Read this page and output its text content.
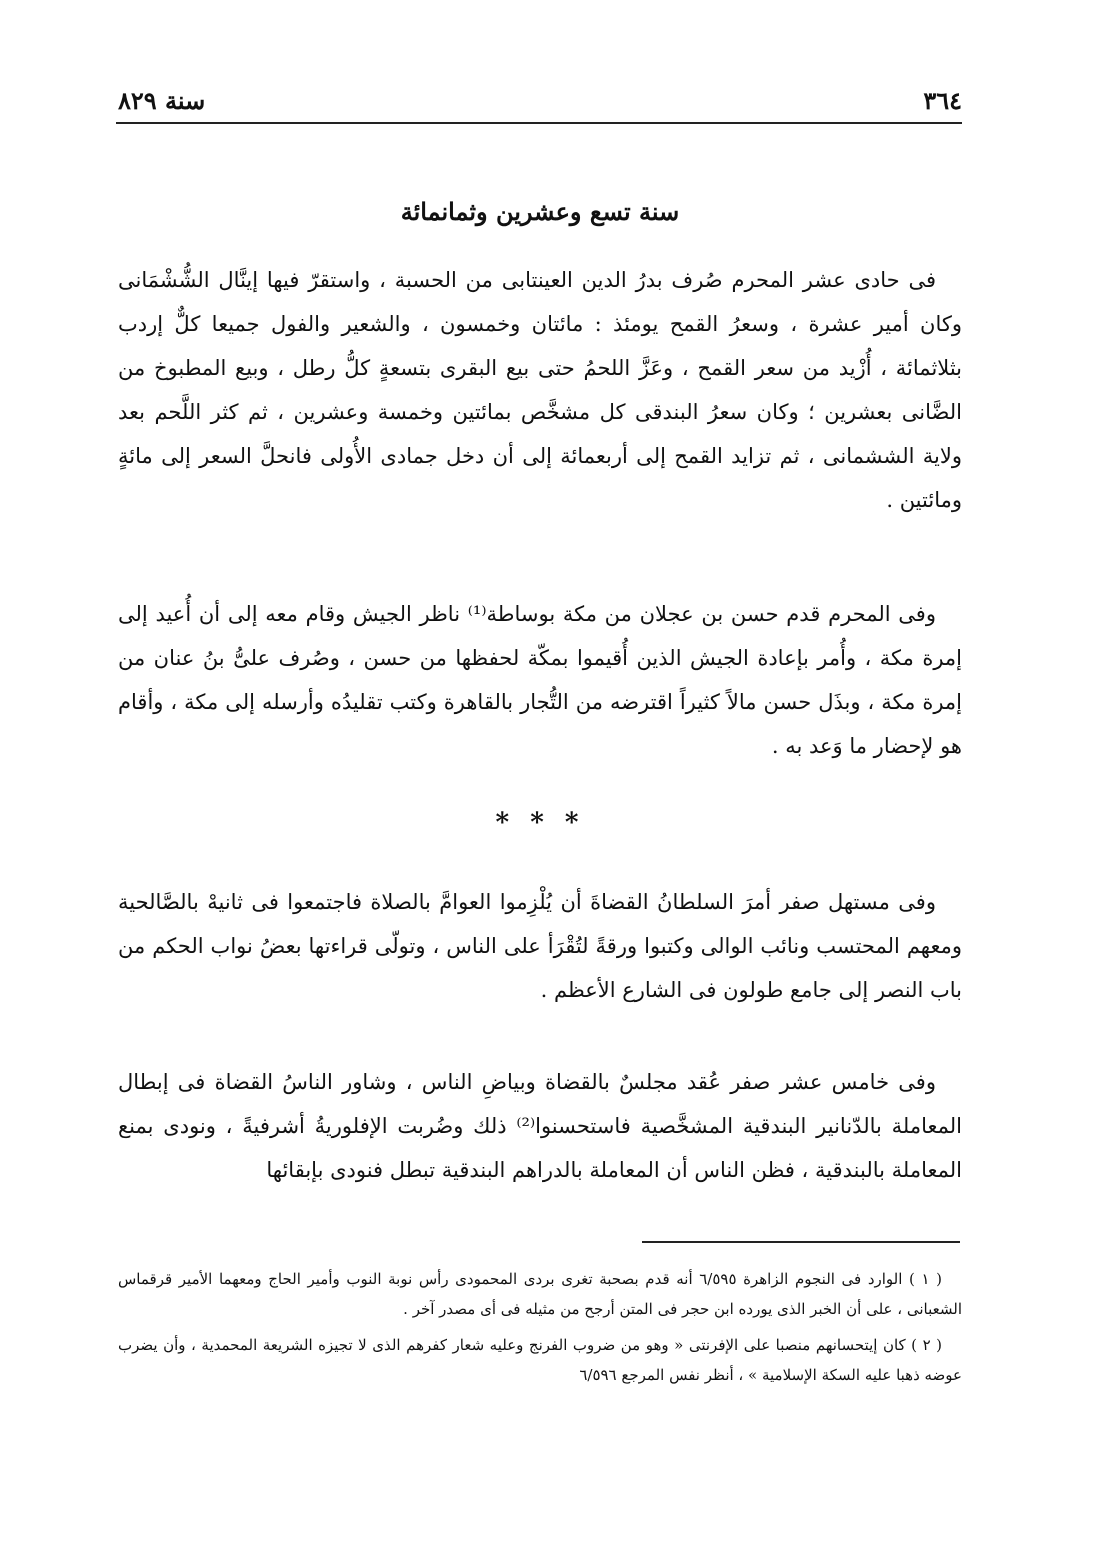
٣٦٤
سنة ٨٢٩
سنة تسع وعشرين وثمانمائة

فى حادى عشر المحرم صُرف بدرُ الدين العينتابى من الحسبة ، واستقرّ فيها إينَّال الشُّشْمَانى وكان أمير عشرة ، وسعرُ القمح يومئذ : مائتان وخمسون ، والشعير والفول جميعا كلٌّ إردب بثلاثمائة ، أُزْيد من سعر القمح ، وعَزَّ اللحمُ حتى بيع البقرى بتسعةٍ كلُّ رطل ، وبيع المطبوخ من الضَّانى بعشرين ؛ وكان سعرُ البندقى كل مشخَّص بمائتين وخمسة وعشرين ، ثم كثر اللَّحم بعد ولاية الششمانى ، ثم تزايد القمح إلى أربعمائة إلى أن دخل جمادى الأُولى فانحلَّ السعر إلى مائةٍ ومائتين .

وفى المحرم قدم حسن بن عجلان من مكة بوساطة⁽¹⁾ ناظر الجيش وقام معه إلى أن أُعيد إلى إمرة مكة ، وأُمر بإعادة الجيش الذين أُقيموا بمكّة لحفظها من حسن ، وصُرف علىُّ بنُ عنان من إمرة مكة ، وبذَل حسن مالاً كثيراً اقترضه من التُّجار بالقاهرة وكتب تقليدُه وأرسله إلى مكة ، وأقام هو لإحضار ما وَعد به .

* * *

وفى مستهل صفر أمرَ السلطانُ القضاةَ أن يُلْزِموا العوامَّ بالصلاة فاجتمعوا فى ثانيهْ بالصَّالحية ومعهم المحتسب ونائب الوالى وكتبوا ورقةً لتُقْرَأ على الناس ، وتولّى قراءتها بعضُ نواب الحكم من باب النصر إلى جامع طولون فى الشارع الأعظم .

وفى خامس عشر صفر عُقد مجلسٌ بالقضاة وبياضِ الناس ، وشاور الناسُ القضاة فى إبطال المعاملة بالدّنانير البندقية المشخَّصية فاستحسنوا⁽²⁾ ذلك وضُربت الإفلوريةُ أشرفيةً ، ونودى بمنع المعاملة بالبندقية ، فظن الناس أن المعاملة بالدراهم البندقية تبطل فنودى بإبقائها

( ١ ) الوارد فى النجوم الزاهرة ٦/٥٩٥ أنه قدم بصحبة تغرى بردى المحمودى رأس نوبة النوب وأمير الحاج ومعهما الأمير قرقماس الشعبانى ، على أن الخبر الذى يورده ابن حجر فى المتن أرجح من مثيله فى أى مصدر آخر .

( ٢ ) كان إيتحسانهم منصبا على الإفرنتى « وهو من ضروب الفرنج وعليه شعار كفرهم الذى لا تجيزه الشريعة المحمدية ، وأن يضرب عوضه ذهبا عليه السكة الإسلامية » ، أنظر نفس المرجع ٦/٥٩٦
